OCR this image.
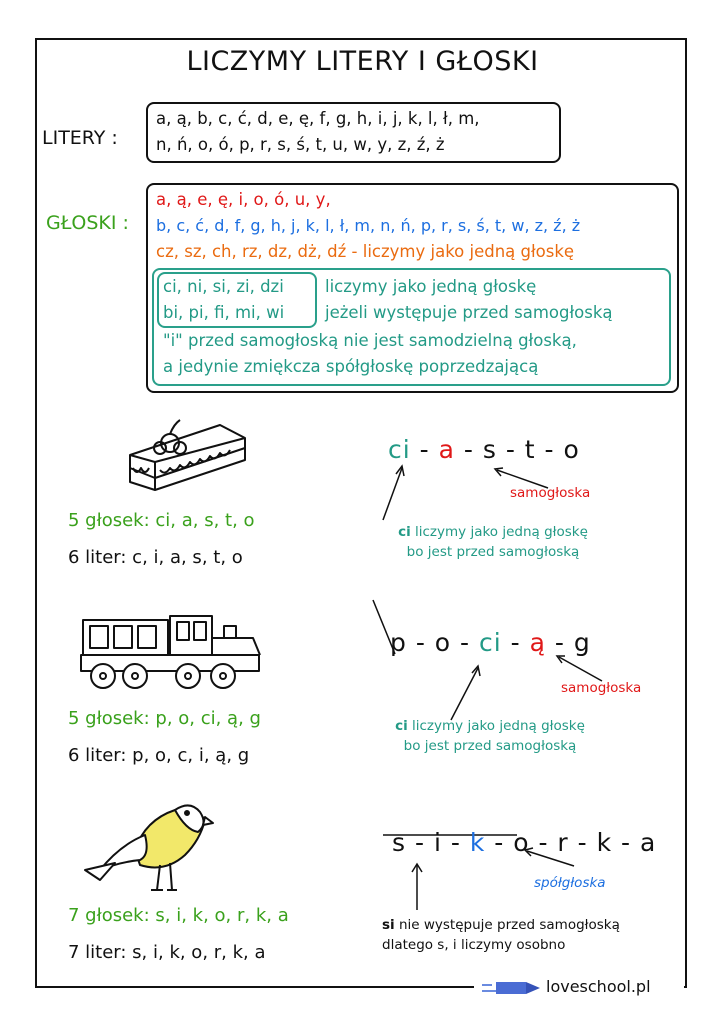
LICZYMY LITERY I GŁOSKI
LITERY :
a, ą, b, c, ć, d, e, ę, f, g, h, i, j, k, l, ł, m,
n, ń, o, ó, p, r, s, ś, t, u, w, y, z, ź, ż
GŁOSKI :
a, ą, e, ę, i, o, ó, u, y,
b, c, ć, d, f, g, h, j, k, l, ł, m, n, ń, p, r, s, ś, t, w, z, ź, ż
cz, sz, ch, rz, dz, dż, dź - liczymy jako jedną głoskę
ci, ni, si, zi, dzi
bi, pi, fi, mi, wi
liczymy jako jedną głoskę
jeżeli występuje przed samogłoską
"i" przed samogłoską nie jest samodzielną głoską,
a jedynie zmiękcza spółgłoskę poprzedzającą
5 głosek: ci, a, s, t, o
6 liter: c, i, a, s, t, o
ci - a - s - t - o
samogłoska
ci liczymy jako jedną głoskę
bo jest przed samogłoską
5 głosek: p, o, ci, ą, g
6 liter: p, o, c, i, ą, g
p - o - ci - ą - g
samogłoska
ci liczymy jako jedną głoskę
bo jest przed samogłoską
7 głosek: s, i, k, o, r, k, a
7 liter: s, i, k, o, r, k, a
s - i - k - o - r - k - a
spółgłoska
si nie występuje przed samogłoską
dlatego s, i liczymy osobno
loveschool.pl
